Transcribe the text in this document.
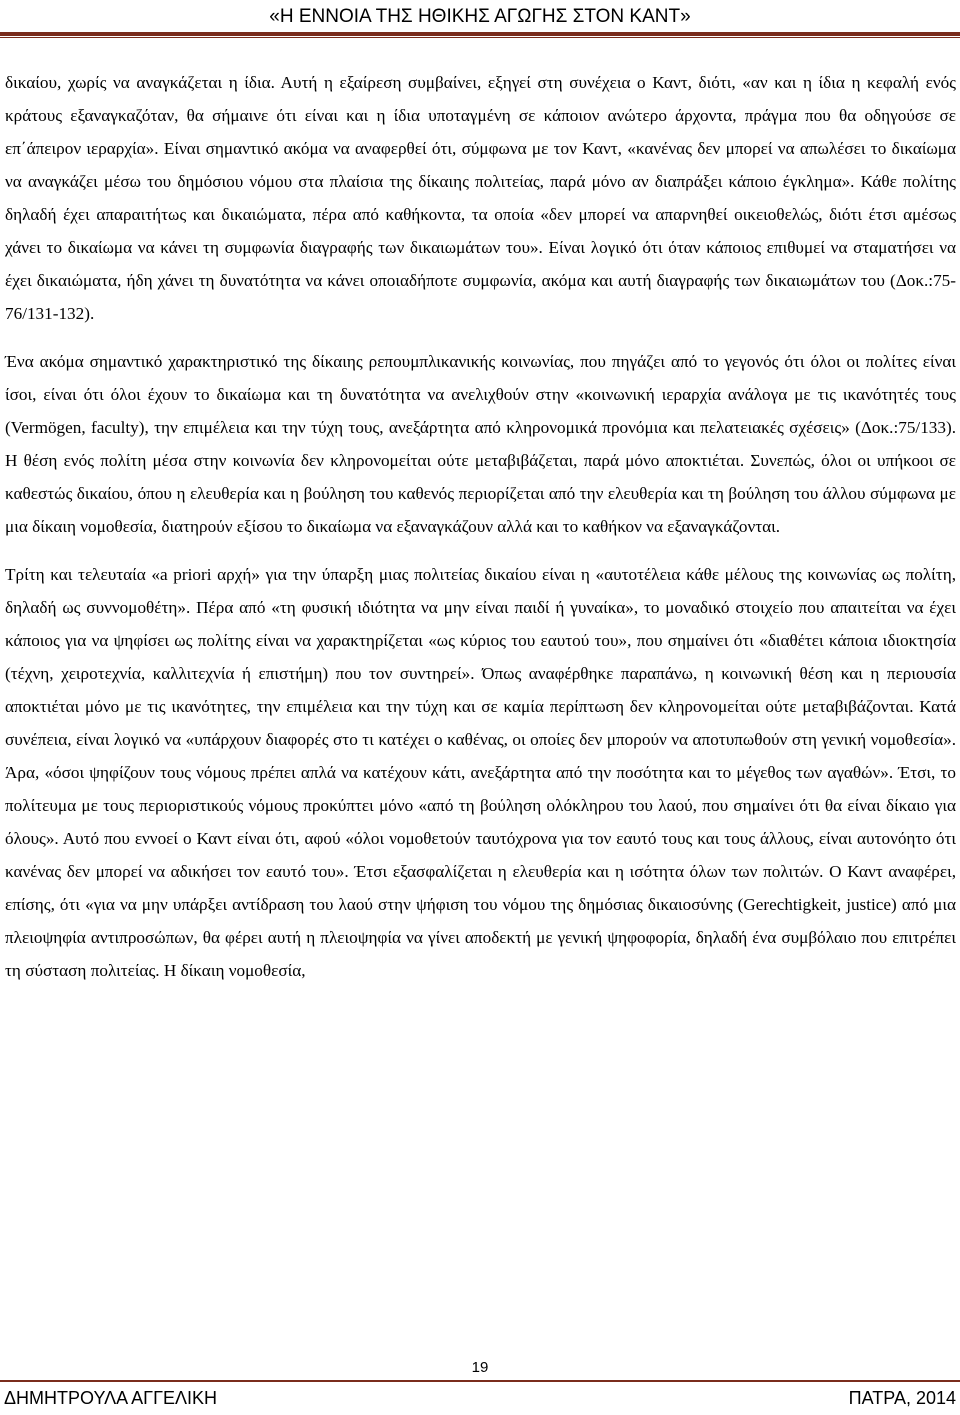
«Η ΕΝΝΟΙΑ ΤΗΣ ΗΘΙΚΗΣ ΑΓΩΓΗΣ ΣΤΟΝ ΚΑΝΤ»

δικαίου, χωρίς να αναγκάζεται η ίδια. Αυτή η εξαίρεση συμβαίνει, εξηγεί στη συνέχεια ο Καντ, διότι, «αν και η ίδια η κεφαλή ενός κράτους εξαναγκαζόταν, θα σήμαινε ότι είναι και η ίδια υποταγμένη σε κάποιον ανώτερο άρχοντα, πράγμα που θα οδηγούσε σε επ΄άπειρον ιεραρχία». Είναι σημαντικό ακόμα να αναφερθεί ότι, σύμφωνα με τον Καντ, «κανένας δεν μπορεί να απωλέσει το δικαίωμα να αναγκάζει μέσω του δημόσιου νόμου στα πλαίσια της δίκαιης πολιτείας, παρά μόνο αν διαπράξει κάποιο έγκλημα». Κάθε πολίτης δηλαδή έχει απαραιτήτως και δικαιώματα, πέρα από καθήκοντα, τα οποία «δεν μπορεί να απαρνηθεί οικειοθελώς, διότι έτσι αμέσως χάνει το δικαίωμα να κάνει τη συμφωνία διαγραφής των δικαιωμάτων του». Είναι λογικό ότι όταν κάποιος επιθυμεί να σταματήσει να έχει δικαιώματα, ήδη χάνει τη δυνατότητα να κάνει οποιαδήποτε συμφωνία, ακόμα και αυτή διαγραφής των δικαιωμάτων του (Δοκ.:75-76/131-132).

Ένα ακόμα σημαντικό χαρακτηριστικό της δίκαιης ρεπουμπλικανικής κοινωνίας, που πηγάζει από το γεγονός ότι όλοι οι πολίτες είναι ίσοι, είναι ότι όλοι έχουν το δικαίωμα και τη δυνατότητα να ανελιχθούν στην «κοινωνική ιεραρχία ανάλογα με τις ικανότητές τους (Vermögen, faculty), την επιμέλεια και την τύχη τους, ανεξάρτητα από κληρονομικά προνόμια και πελατειακές σχέσεις» (Δοκ.:75/133). Η θέση ενός πολίτη μέσα στην κοινωνία δεν κληρονομείται ούτε μεταβιβάζεται, παρά μόνο αποκτιέται. Συνεπώς, όλοι οι υπήκοοι σε καθεστώς δικαίου, όπου η ελευθερία και η βούληση του καθενός περιορίζεται από την ελευθερία και τη βούληση του άλλου σύμφωνα με μια δίκαιη νομοθεσία, διατηρούν εξίσου το δικαίωμα να εξαναγκάζουν αλλά και το καθήκον να εξαναγκάζονται.

Τρίτη και τελευταία «a priori αρχή» για την ύπαρξη μιας πολιτείας δικαίου είναι η «αυτοτέλεια κάθε μέλους της κοινωνίας ως πολίτη, δηλαδή ως συννομοθέτη». Πέρα από «τη φυσική ιδιότητα να μην είναι παιδί ή γυναίκα», το μοναδικό στοιχείο που απαιτείται να έχει κάποιος για να ψηφίσει ως πολίτης είναι να χαρακτηρίζεται «ως κύριος του εαυτού του», που σημαίνει ότι «διαθέτει κάποια ιδιοκτησία (τέχνη, χειροτεχνία, καλλιτεχνία ή επιστήμη) που τον συντηρεί». Όπως αναφέρθηκε παραπάνω, η κοινωνική θέση και η περιουσία αποκτιέται μόνο με τις ικανότητες, την επιμέλεια και την τύχη και σε καμία περίπτωση δεν κληρονομείται ούτε μεταβιβάζονται. Κατά συνέπεια, είναι λογικό να «υπάρχουν διαφορές στο τι κατέχει ο καθένας, οι οποίες δεν μπορούν να αποτυπωθούν στη γενική νομοθεσία». Άρα, «όσοι ψηφίζουν τους νόμους πρέπει απλά να κατέχουν κάτι, ανεξάρτητα από την ποσότητα και το μέγεθος των αγαθών». Έτσι, το πολίτευμα με τους περιοριστικούς νόμους προκύπτει μόνο «από τη βούληση ολόκληρου του λαού, που σημαίνει ότι θα είναι δίκαιο για όλους». Αυτό που εννοεί ο Καντ είναι ότι, αφού «όλοι νομοθετούν ταυτόχρονα για τον εαυτό τους και τους άλλους, είναι αυτονόητο ότι κανένας δεν μπορεί να αδικήσει τον εαυτό του». Έτσι εξασφαλίζεται η ελευθερία και η ισότητα όλων των πολιτών. Ο Καντ αναφέρει, επίσης, ότι «για να μην υπάρξει αντίδραση του λαού στην ψήφιση του νόμου της δημόσιας δικαιοσύνης (Gerechtigkeit, justice) από μια πλειοψηφία αντιπροσώπων, θα φέρει αυτή η πλειοψηφία να γίνει αποδεκτή με γενική ψηφοφορία, δηλαδή ένα συμβόλαιο που επιτρέπει τη σύσταση πολιτείας. Η δίκαιη νομοθεσία,

19
ΔΗΜΗΤΡΟΥΛΑ ΑΓΓΕΛΙΚΗ	ΠΑΤΡΑ, 2014
